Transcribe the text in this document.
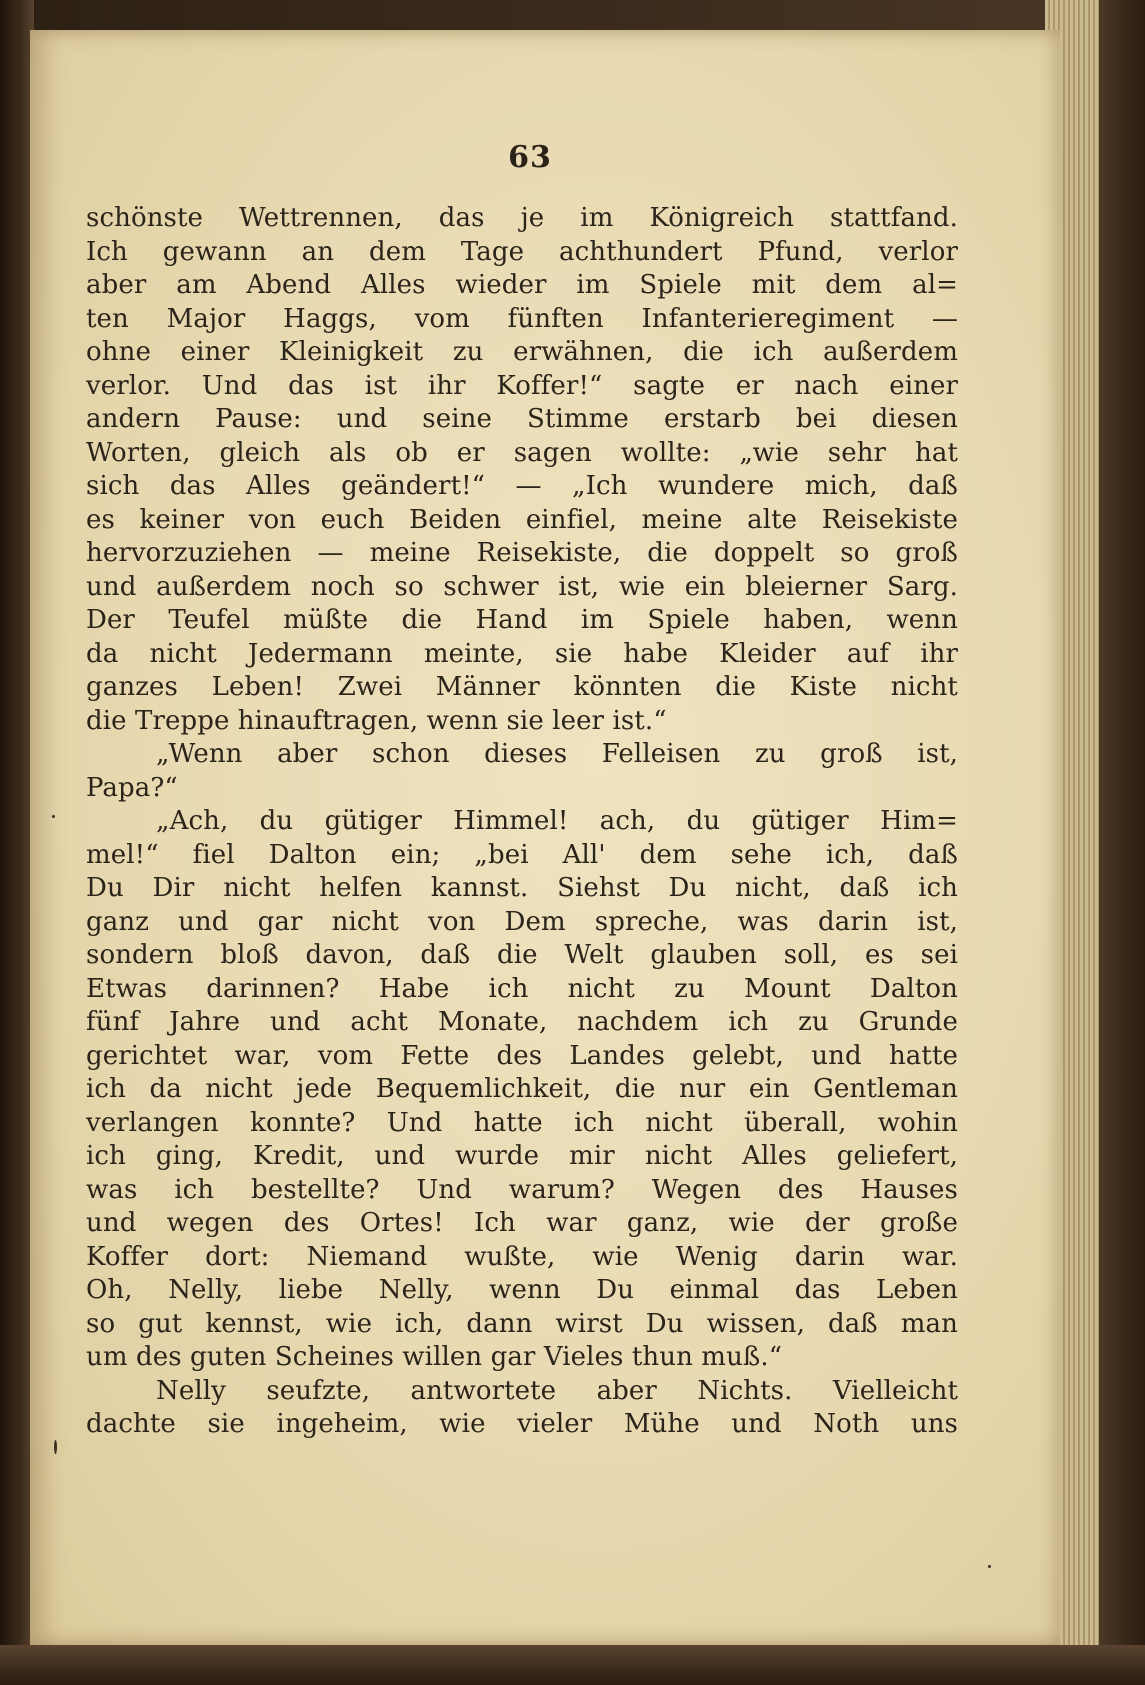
63
schönste Wettrennen, das je im Königreich stattfand.
Ich gewann an dem Tage achthundert Pfund, verlor
aber am Abend Alles wieder im Spiele mit dem al=
ten Major Haggs, vom fünften Infanterieregiment —
ohne einer Kleinigkeit zu erwähnen, die ich außerdem
verlor. Und das ist ihr Koffer!“ sagte er nach einer
andern Pause: und seine Stimme erstarb bei diesen
Worten, gleich als ob er sagen wollte: „wie sehr hat
sich das Alles geändert!“ — „Ich wundere mich, daß
es keiner von euch Beiden einfiel, meine alte Reisekiste
hervorzuziehen — meine Reisekiste, die doppelt so groß
und außerdem noch so schwer ist, wie ein bleierner Sarg.
Der Teufel müßte die Hand im Spiele haben, wenn
da nicht Jedermann meinte, sie habe Kleider auf ihr
ganzes Leben! Zwei Männer könnten die Kiste nicht
die Treppe hinauftragen, wenn sie leer ist.“
„Wenn aber schon dieses Felleisen zu groß ist,
Papa?“
„Ach, du gütiger Himmel! ach, du gütiger Him=
mel!“ fiel Dalton ein; „bei All' dem sehe ich, daß
Du Dir nicht helfen kannst. Siehst Du nicht, daß ich
ganz und gar nicht von Dem spreche, was darin ist,
sondern bloß davon, daß die Welt glauben soll, es sei
Etwas darinnen? Habe ich nicht zu Mount Dalton
fünf Jahre und acht Monate, nachdem ich zu Grunde
gerichtet war, vom Fette des Landes gelebt, und hatte
ich da nicht jede Bequemlichkeit, die nur ein Gentleman
verlangen konnte? Und hatte ich nicht überall, wohin
ich ging, Kredit, und wurde mir nicht Alles geliefert,
was ich bestellte? Und warum? Wegen des Hauses
und wegen des Ortes! Ich war ganz, wie der große
Koffer dort: Niemand wußte, wie Wenig darin war.
Oh, Nelly, liebe Nelly, wenn Du einmal das Leben
so gut kennst, wie ich, dann wirst Du wissen, daß man
um des guten Scheines willen gar Vieles thun muß.“
Nelly seufzte, antwortete aber Nichts. Vielleicht
dachte sie ingeheim, wie vieler Mühe und Noth uns
